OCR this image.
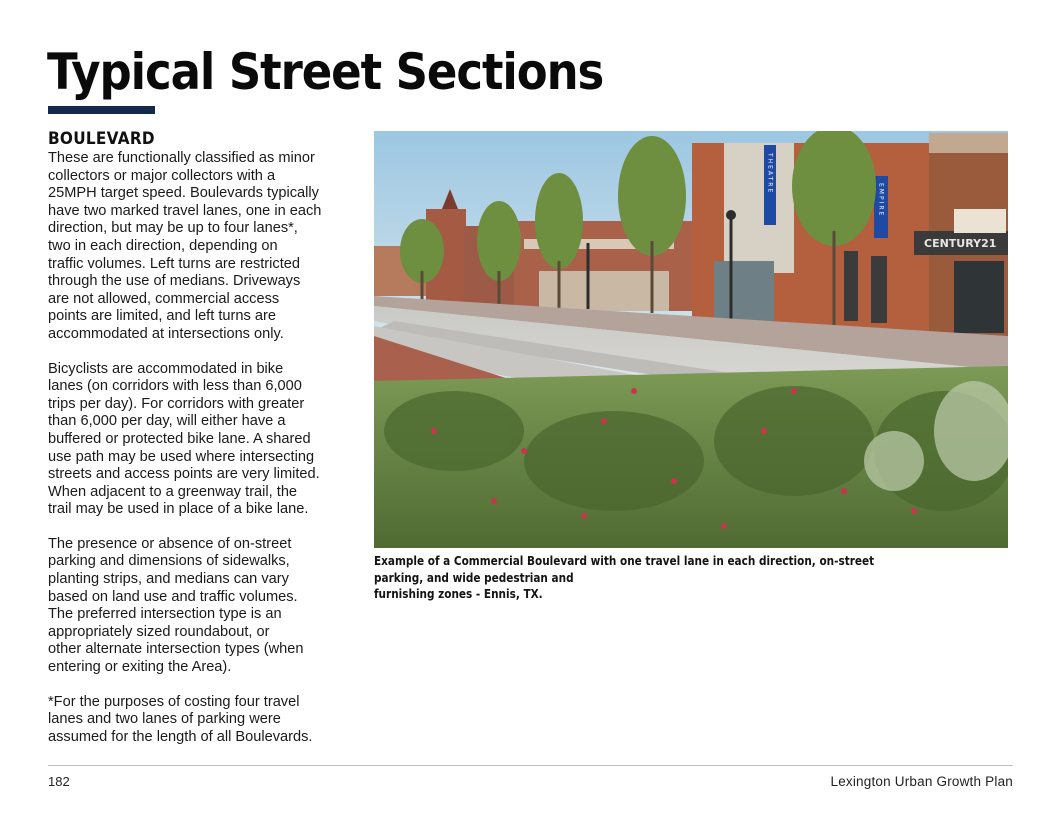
Typical Street Sections
BOULEVARD

These are functionally classified as minor
collectors or major collectors with a
25MPH target speed. Boulevards typically
have two marked travel lanes, one in each
direction, but may be up to four lanes*,
two in each direction, depending on
traffic volumes. Left turns are restricted
through the use of medians. Driveways
are not allowed, commercial access
points are limited, and left turns are
accommodated at intersections only.

Bicyclists are accommodated in bike
lanes (on corridors with less than 6,000
trips per day). For corridors with greater
than 6,000 per day, will either have a
buffered or protected bike lane. A shared
use path may be used where intersecting
streets and access points are very limited.
When adjacent to a greenway trail, the
trail may be used in place of a bike lane.

The presence or absence of on-street
parking and dimensions of sidewalks,
planting strips, and medians can vary
based on land use and traffic volumes.
The preferred intersection type is an
appropriately sized roundabout, or
other alternate intersection types (when
entering or exiting the Area).

*For the purposes of costing four travel
lanes and two lanes of parking were
assumed for the length of all Boulevards.

THEATRE
EMPIRE
CENTURY21

Example of a Commercial Boulevard with one travel lane in each direction, on-street parking, and wide pedestrian and
furnishing zones - Ennis, TX.

182	Lexington Urban Growth Plan
